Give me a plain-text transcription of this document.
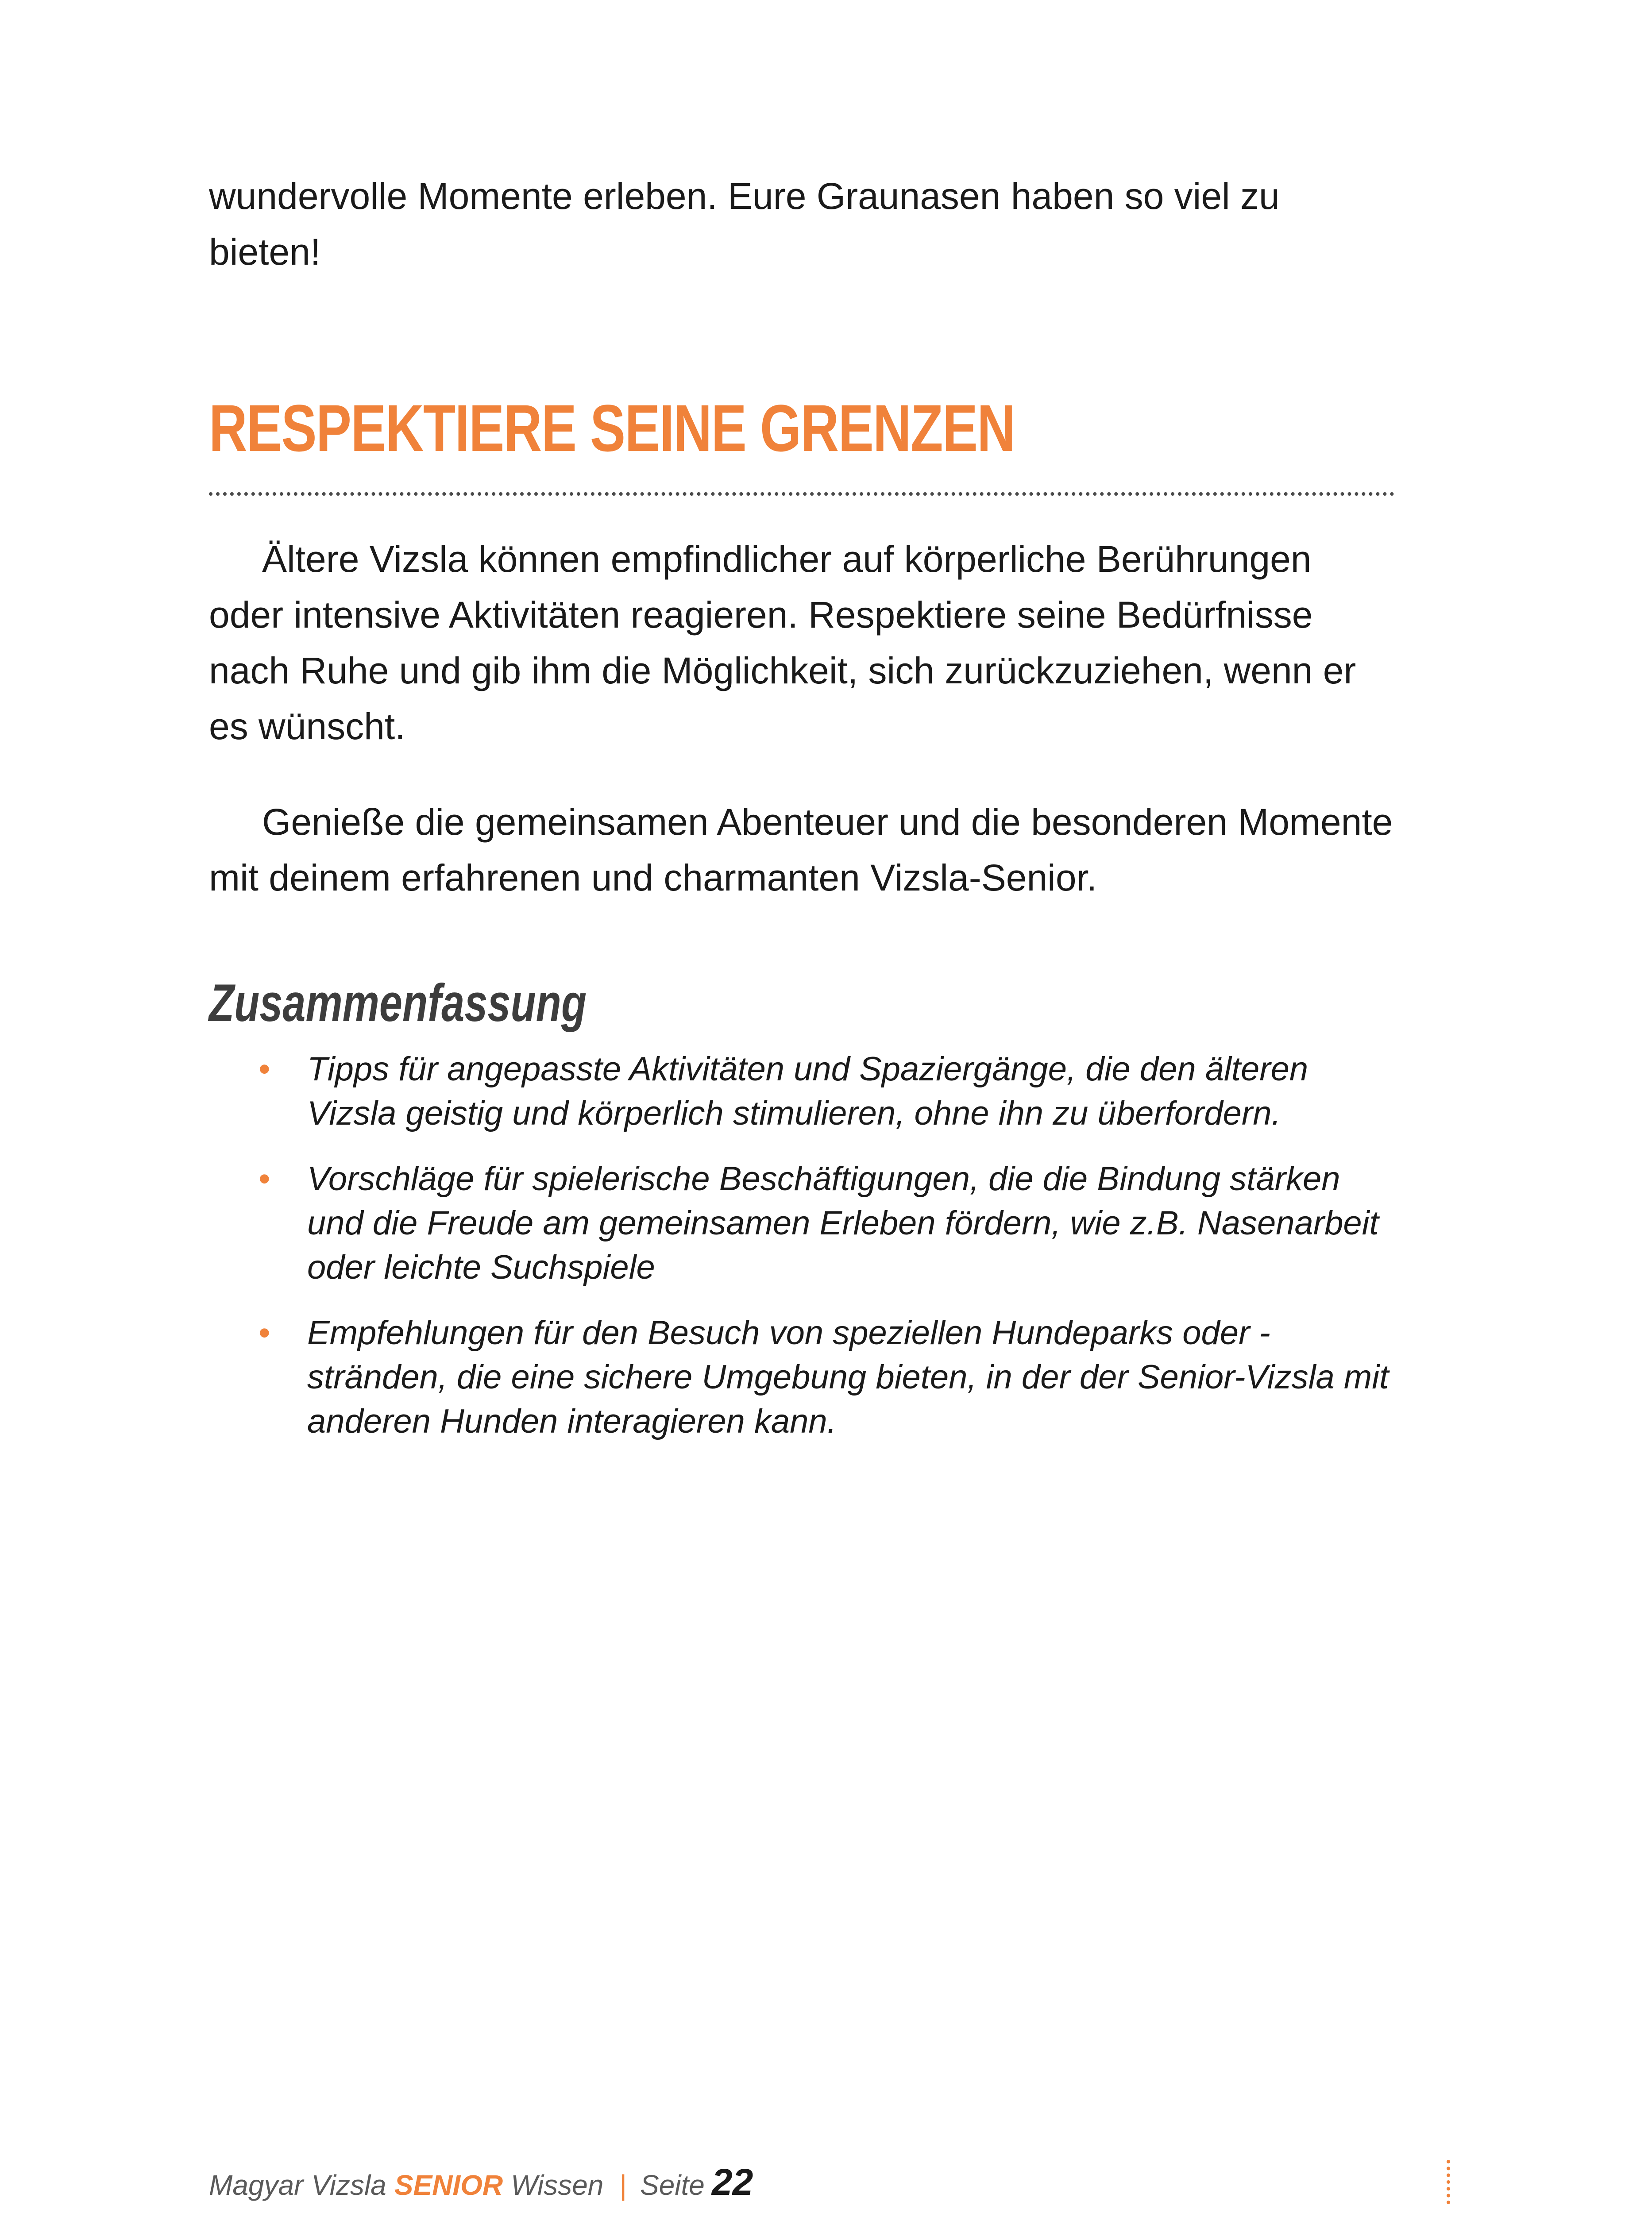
wundervolle Momente erleben. Eure Graunasen haben so viel zu bieten!

RESPEKTIERE SEINE GRENZEN

Ältere Vizsla können empfindlicher auf körperliche Berührungen oder intensive Aktivitäten reagieren. Respektiere seine Bedürfnisse nach Ruhe und gib ihm die Möglichkeit, sich zurückzuziehen, wenn er es wünscht.

Genieße die gemeinsamen Abenteuer und die besonderen Momente mit deinem erfahrenen und charmanten Vizsla-Senior.

Zusammenfassung
• Tipps für angepasste Aktivitäten und Spaziergänge, die den älteren Vizsla geistig und körperlich stimulieren, ohne ihn zu überfordern.
• Vorschläge für spielerische Beschäftigungen, die die Bindung stärken und die Freude am gemeinsamen Erleben fördern, wie z.B. Nasenarbeit oder leichte Suchspiele
• Empfehlungen für den Besuch von speziellen Hundeparks oder -stränden, die eine sichere Umgebung bieten, in der der Senior-Vizsla mit anderen Hunden interagieren kann.
Magyar Vizsla SENIOR Wissen | Seite 22
